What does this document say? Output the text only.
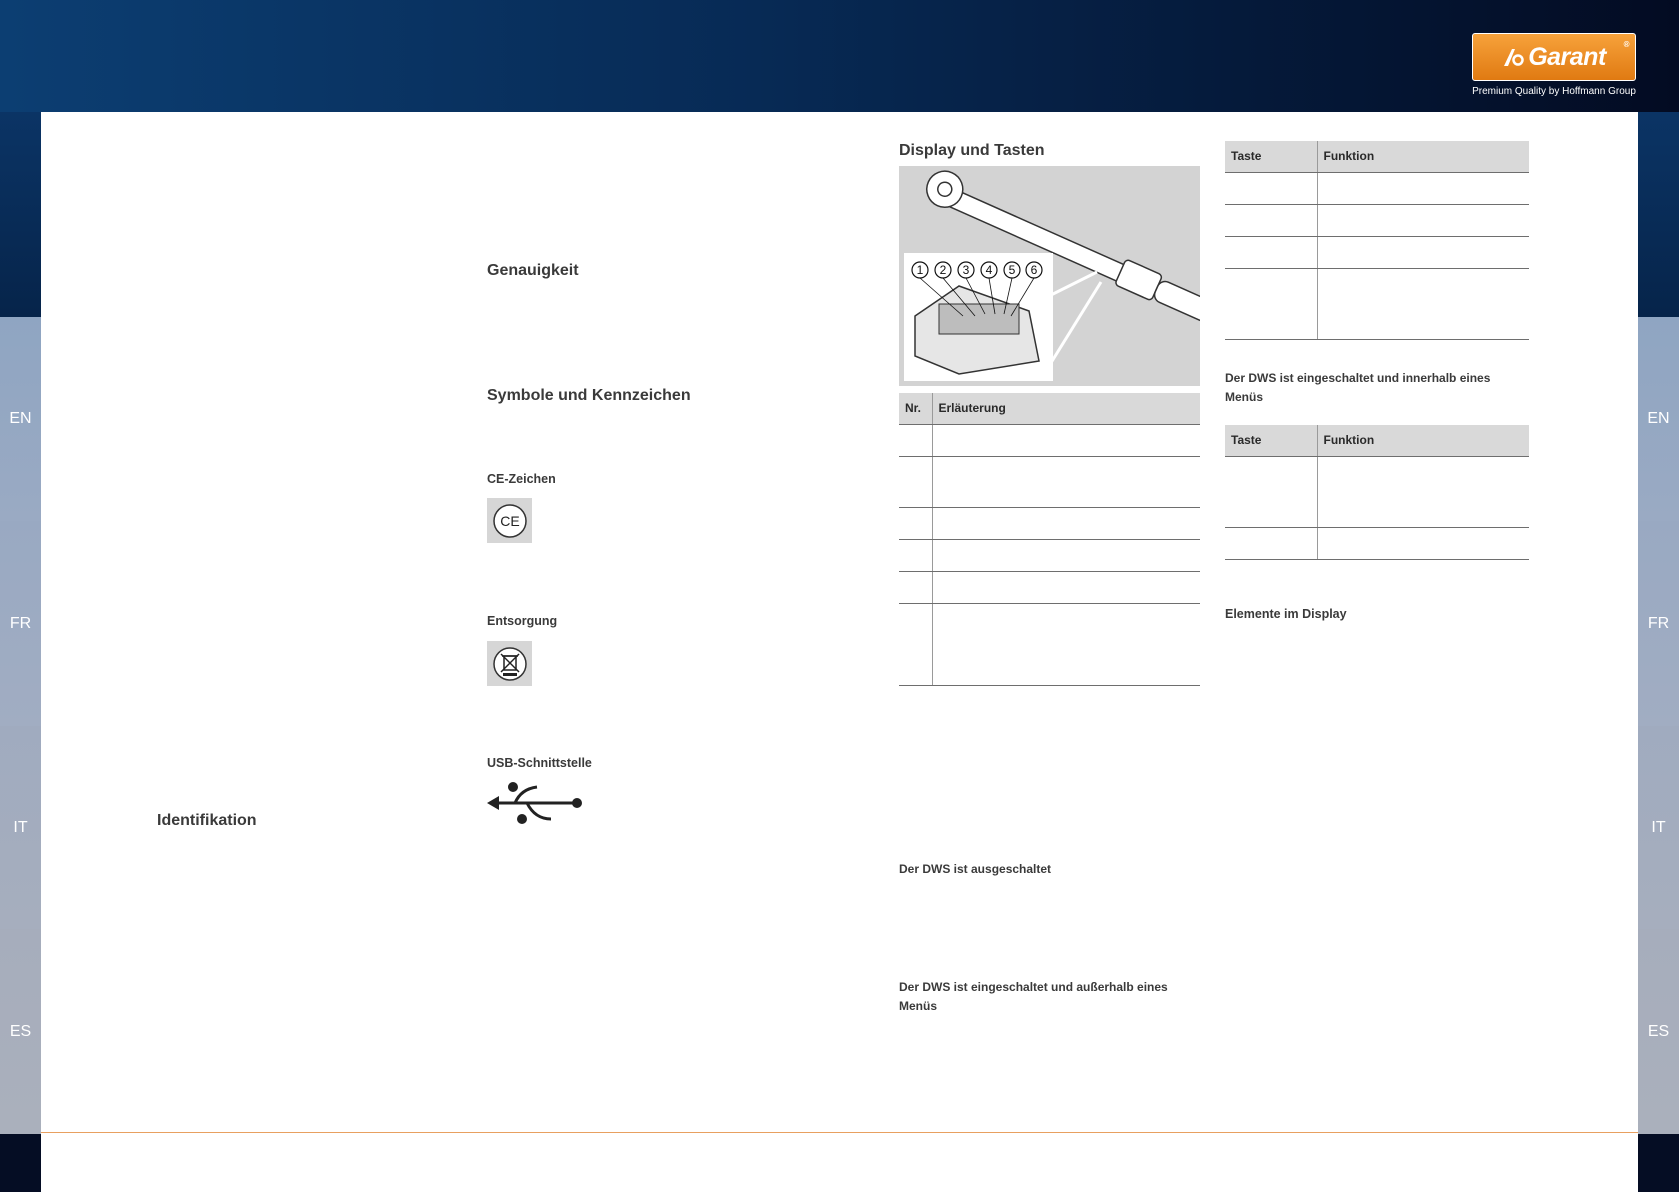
EN
FR
IT
ES
EN
FR
IT
ES
Garant ®
Premium Quality by Hoffmann Group
Identifikation
Genauigkeit
Symbole und Kennzeichen
CE-Zeichen
CE
Entsorgung
USB-Schnittstelle
Display und Tasten
1 2 3 4 5 6
Nr.	Erläuterung

Der DWS ist ausgeschaltet
Der DWS ist eingeschaltet und außerhalb eines Menüs
Taste	Funktion

Der DWS ist eingeschaltet und innerhalb eines Menüs
Taste	Funktion

Elemente im Display
